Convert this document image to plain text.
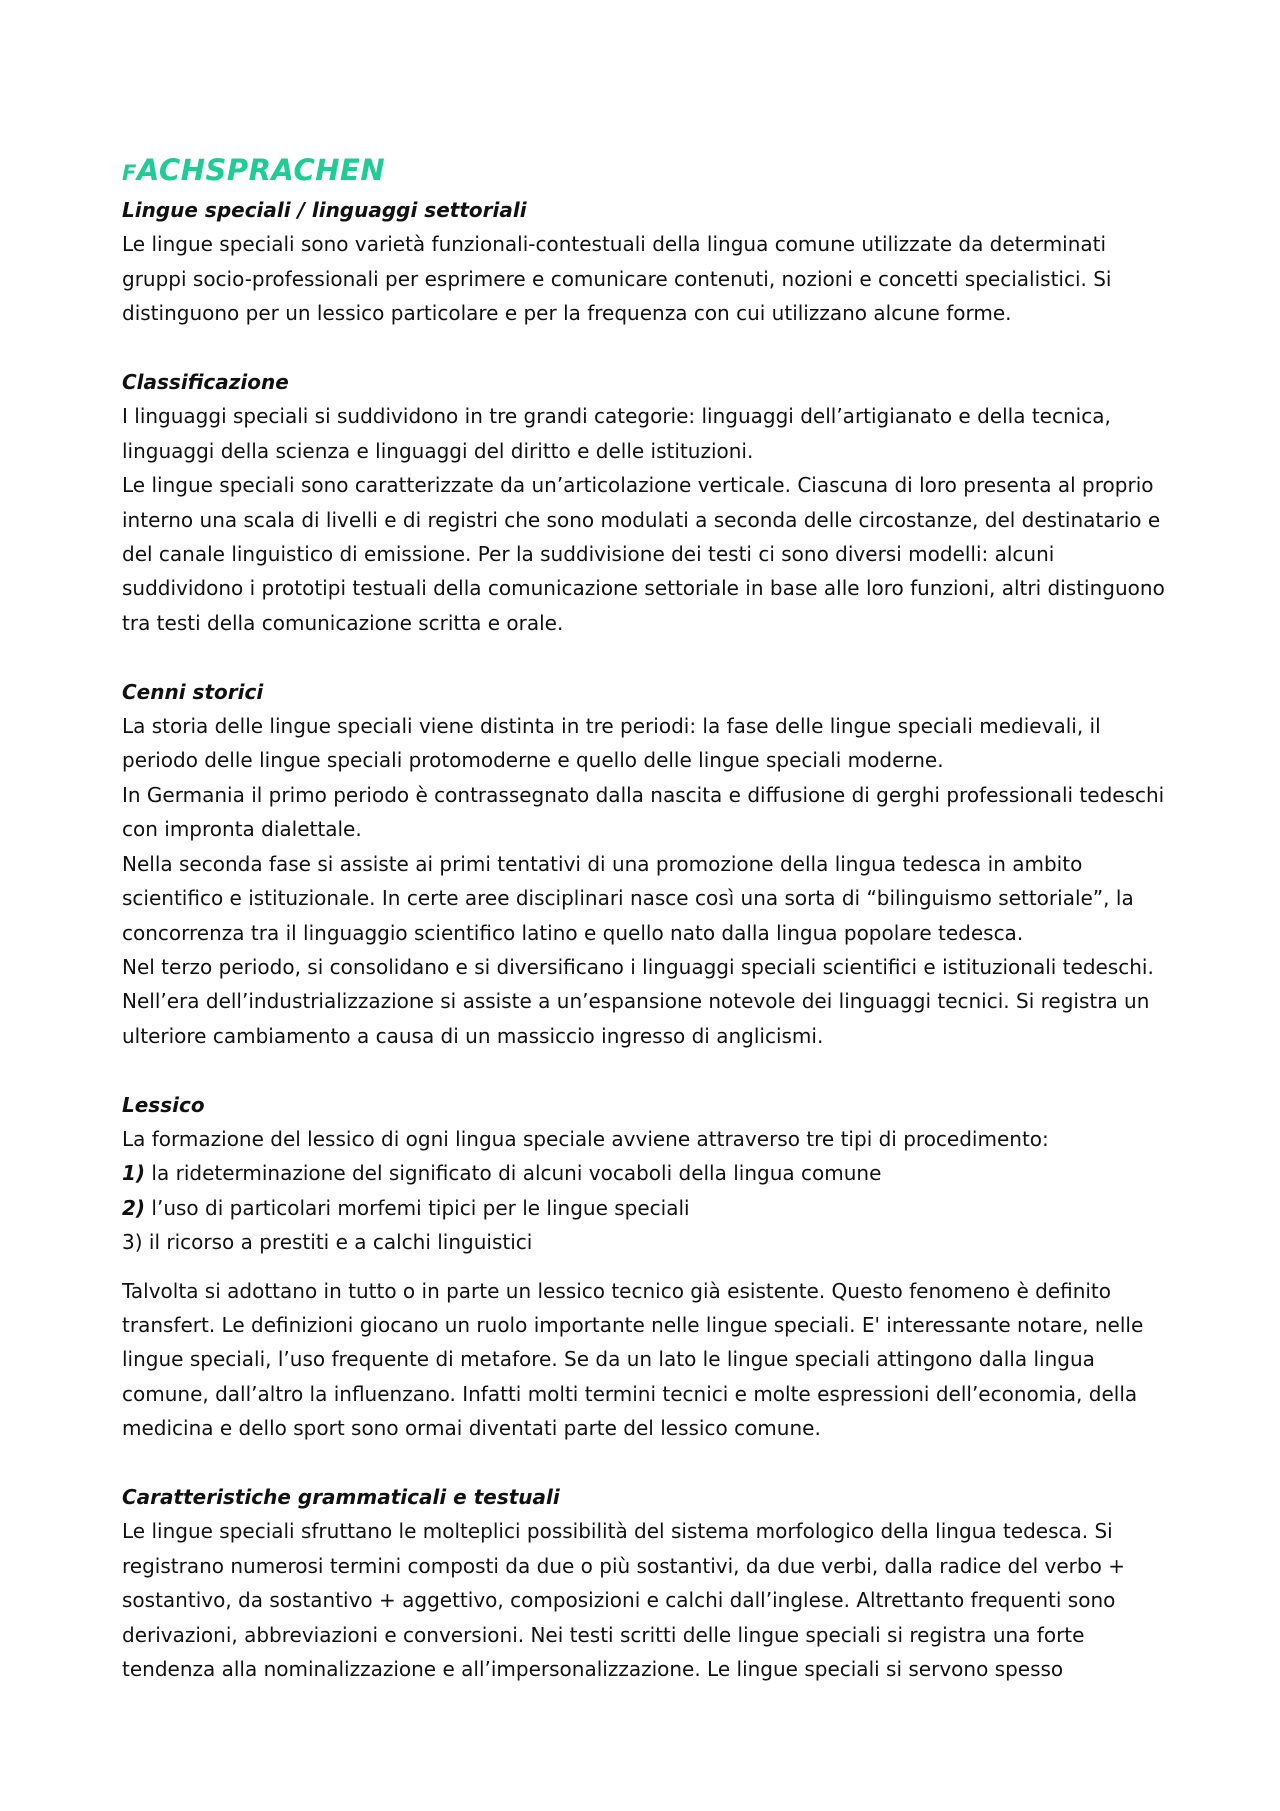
FACHSPRACHEN

Lingue speciali / linguaggi settoriali

Le lingue speciali sono varietà funzionali-contestuali della lingua comune utilizzate da determinati gruppi socio-professionali per esprimere e comunicare contenuti, nozioni e concetti specialistici. Si distinguono per un lessico particolare e per la frequenza con cui utilizzano alcune forme.

Classificazione

I linguaggi speciali si suddividono in tre grandi categorie: linguaggi dell’artigianato e della tecnica, linguaggi della scienza e linguaggi del diritto e delle istituzioni.

Le lingue speciali sono caratterizzate da un’articolazione verticale. Ciascuna di loro presenta al proprio interno una scala di livelli e di registri che sono modulati a seconda delle circostanze, del destinatario e del canale linguistico di emissione. Per la suddivisione dei testi ci sono diversi modelli: alcuni suddividono i prototipi testuali della comunicazione settoriale in base alle loro funzioni, altri distinguono tra testi della comunicazione scritta e orale.

Cenni storici

La storia delle lingue speciali viene distinta in tre periodi: la fase delle lingue speciali medievali, il periodo delle lingue speciali protomoderne e quello delle lingue speciali moderne.

In Germania il primo periodo è contrassegnato dalla nascita e diffusione di gerghi professionali tedeschi con impronta dialettale.

Nella seconda fase si assiste ai primi tentativi di una promozione della lingua tedesca in ambito scientifico e istituzionale. In certe aree disciplinari nasce così una sorta di “bilinguismo settoriale”, la concorrenza tra il linguaggio scientifico latino e quello nato dalla lingua popolare tedesca.

Nel terzo periodo, si consolidano e si diversificano i linguaggi speciali scientifici e istituzionali tedeschi. Nell’era dell’industrializzazione si assiste a un’espansione notevole dei linguaggi tecnici. Si registra un ulteriore cambiamento a causa di un massiccio ingresso di anglicismi.

Lessico

La formazione del lessico di ogni lingua speciale avviene attraverso tre tipi di procedimento:

1) la rideterminazione del significato di alcuni vocaboli della lingua comune

2) l’uso di particolari morfemi tipici per le lingue speciali

3) il ricorso a prestiti e a calchi linguistici

Talvolta si adottano in tutto o in parte un lessico tecnico già esistente. Questo fenomeno è definito transfert. Le definizioni giocano un ruolo importante nelle lingue speciali. E' interessante notare, nelle lingue speciali, l’uso frequente di metafore. Se da un lato le lingue speciali attingono dalla lingua comune, dall’altro la influenzano. Infatti molti termini tecnici e molte espressioni dell’economia, della medicina e dello sport sono ormai diventati parte del lessico comune.

Caratteristiche grammaticali e testuali

Le lingue speciali sfruttano le molteplici possibilità del sistema morfologico della lingua tedesca. Si registrano numerosi termini composti da due o più sostantivi, da due verbi, dalla radice del verbo + sostantivo, da sostantivo + aggettivo, composizioni e calchi dall’inglese. Altrettanto frequenti sono derivazioni, abbreviazioni e conversioni. Nei testi scritti delle lingue speciali si registra una forte tendenza alla nominalizzazione e all’impersonalizzazione. Le lingue speciali si servono spesso
